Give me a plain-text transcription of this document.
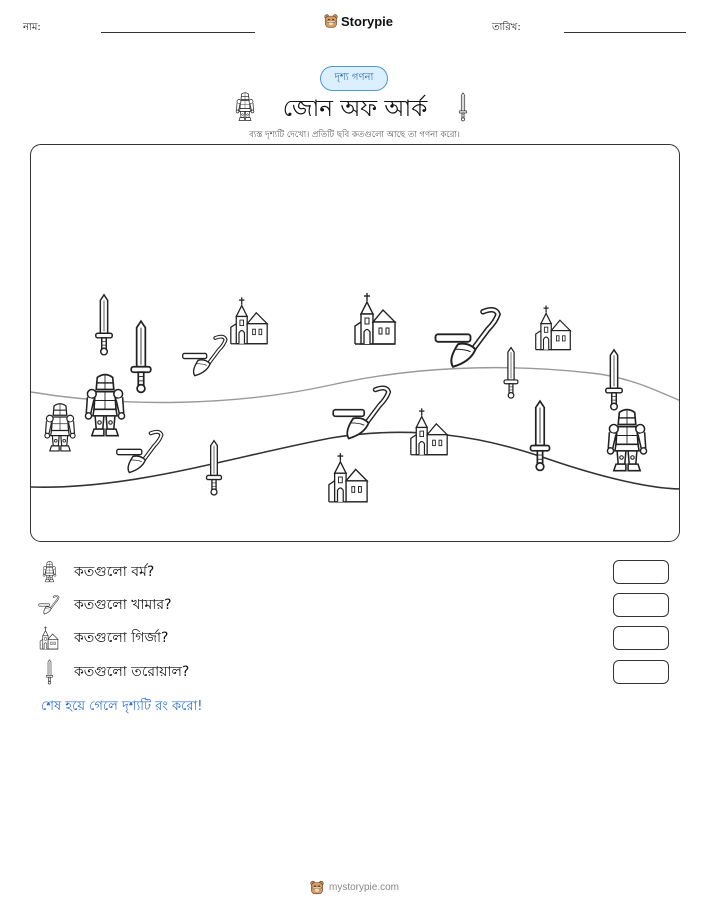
নাম:	Storypie	তারিখ:
দৃশ্য গণনা
জোন অফ আর্ক
ব্যস্ত দৃশ্যটি দেখো। প্রতিটি ছবি কতগুলো আছে তা গণনা করো।
কতগুলো বর্ম?
কতগুলো খামার?
কতগুলো গির্জা?
কতগুলো তরোয়াল?
শেষ হয়ে গেলে দৃশ্যটি রং করো!
mystorypie.com
